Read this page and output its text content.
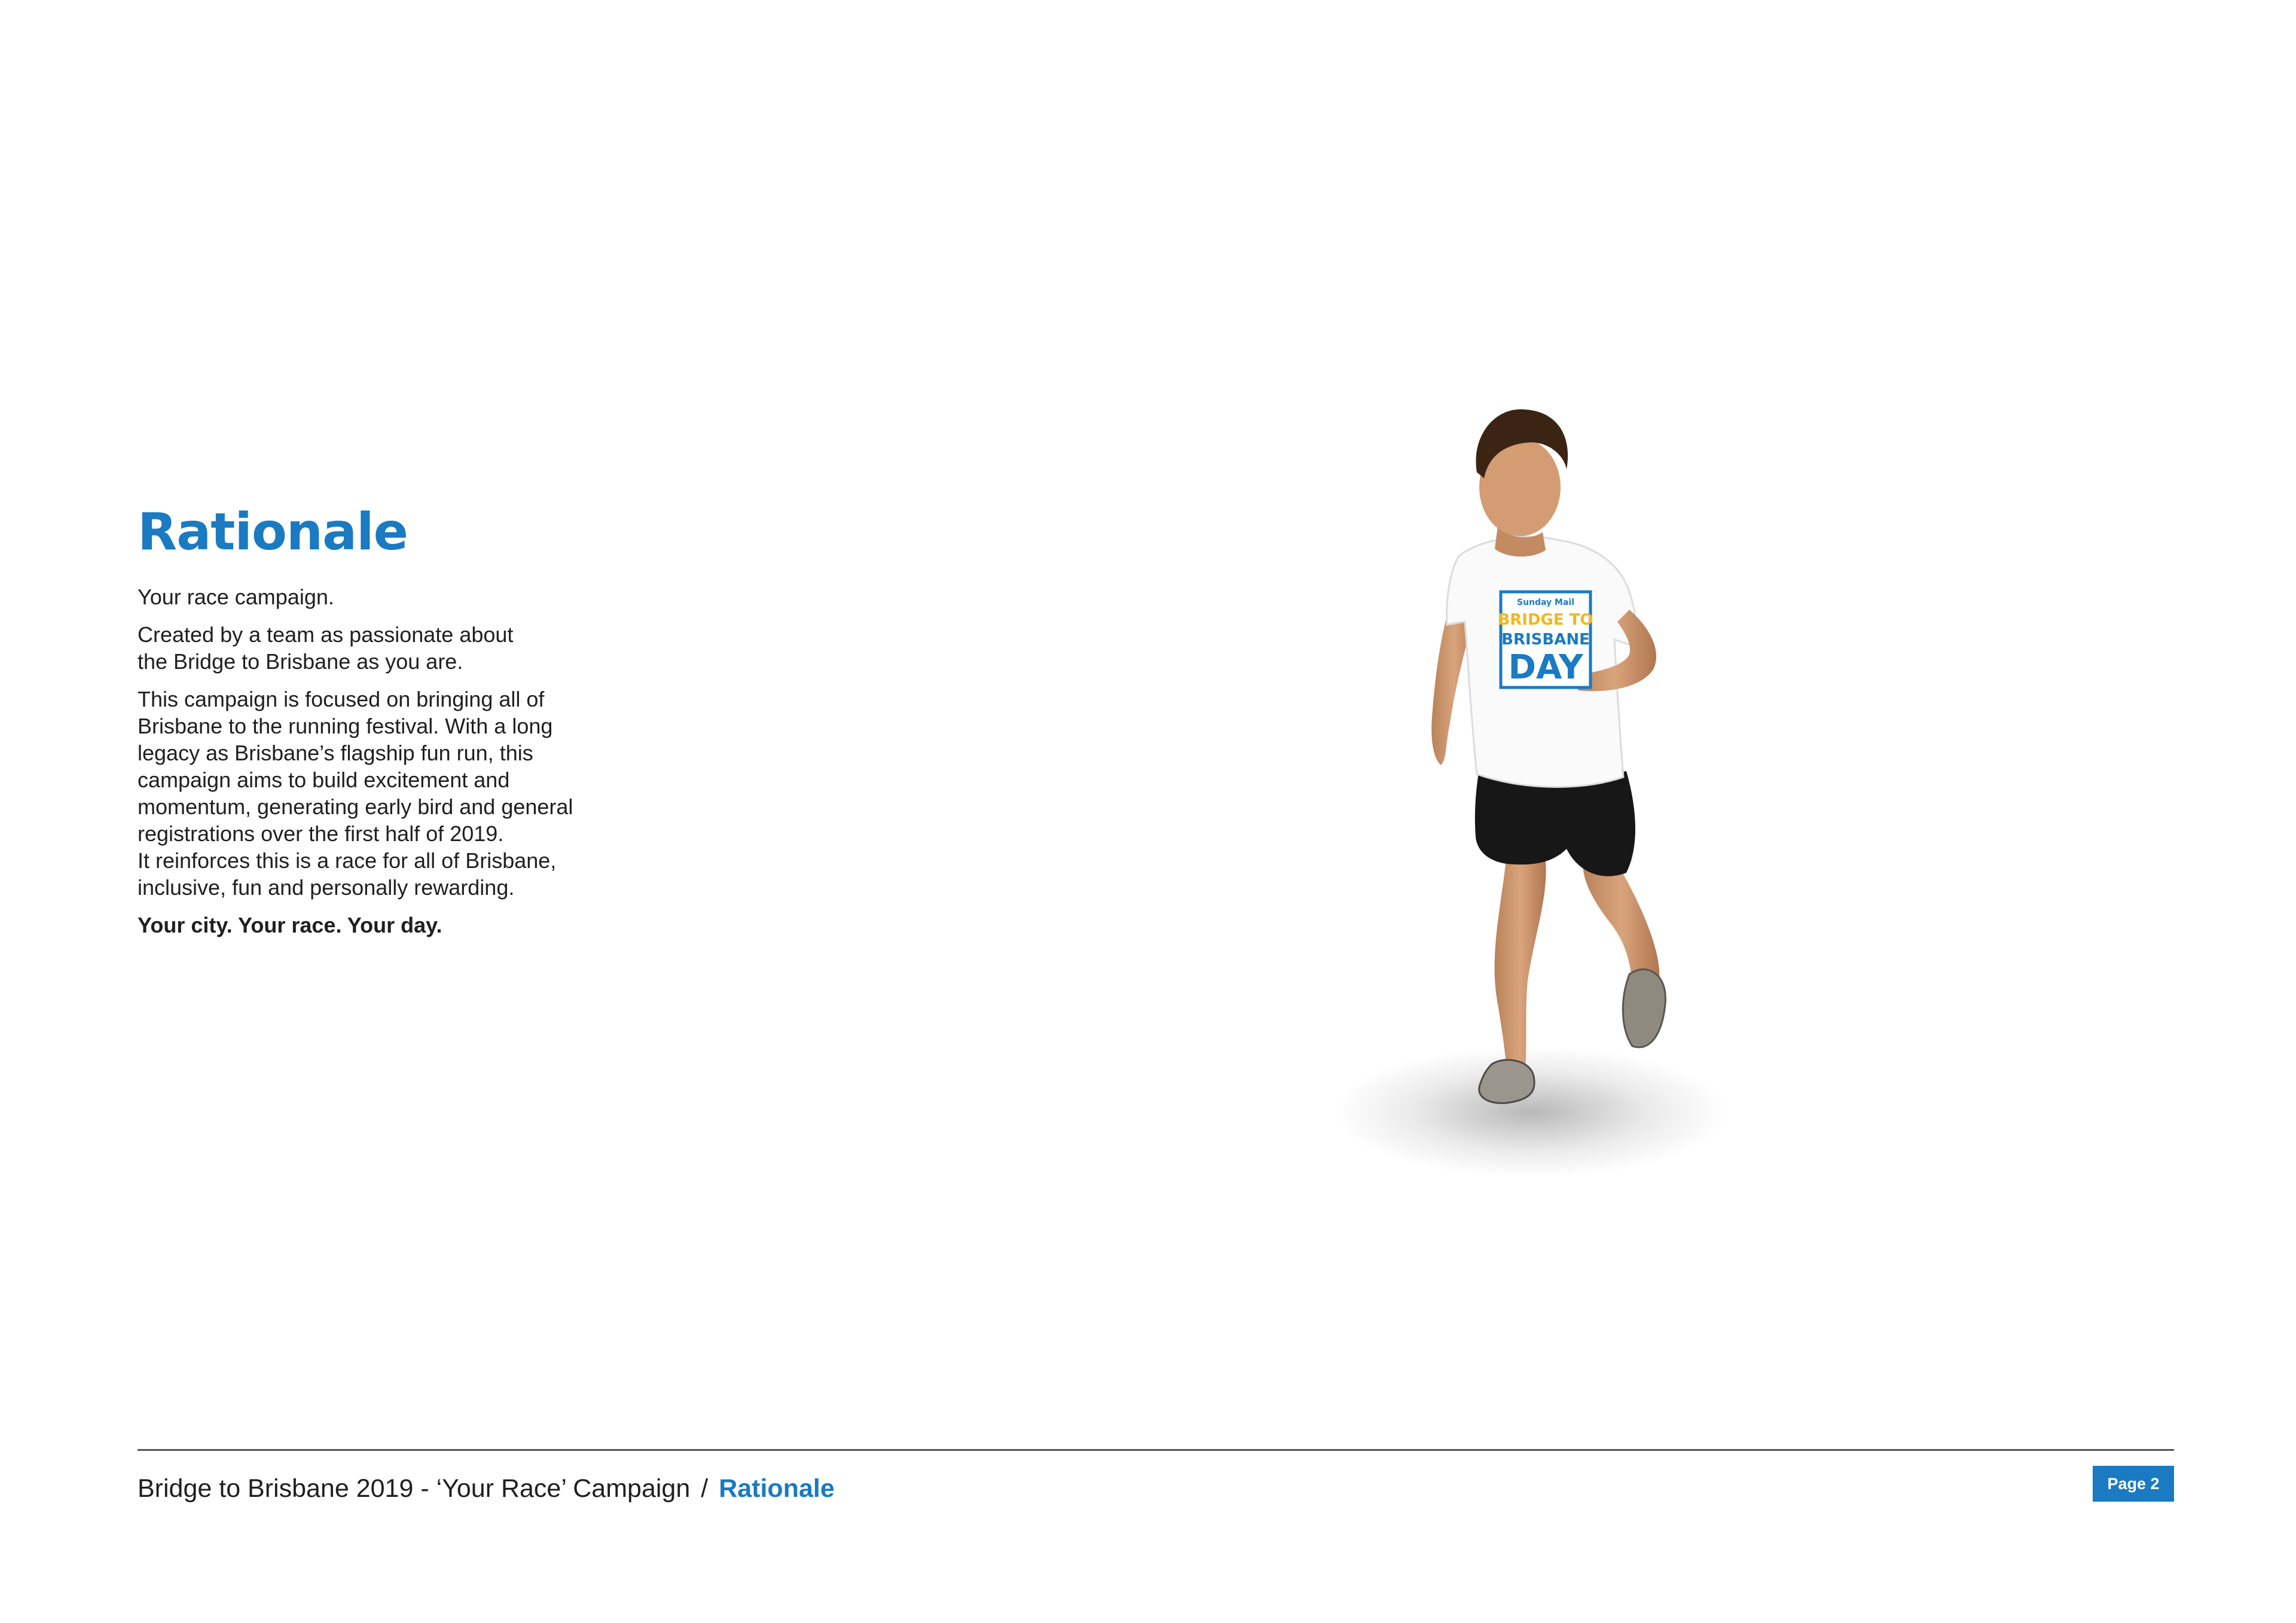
Rationale

Your race campaign.

Created by a team as passionate about
the Bridge to Brisbane as you are.

This campaign is focused on bringing all of
Brisbane to the running festival. With a long
legacy as Brisbane’s flagship fun run, this
campaign aims to build excitement and
momentum, generating early bird and general
registrations over the first half of 2019.
It reinforces this is a race for all of Brisbane,
inclusive, fun and personally rewarding.

Your city. Your race. Your day.

Sunday Mail
BRIDGE TO
BRISBANE
DAY
Bridge to Brisbane 2019 - ‘Your Race’ Campaign / Rationale	Page 2
